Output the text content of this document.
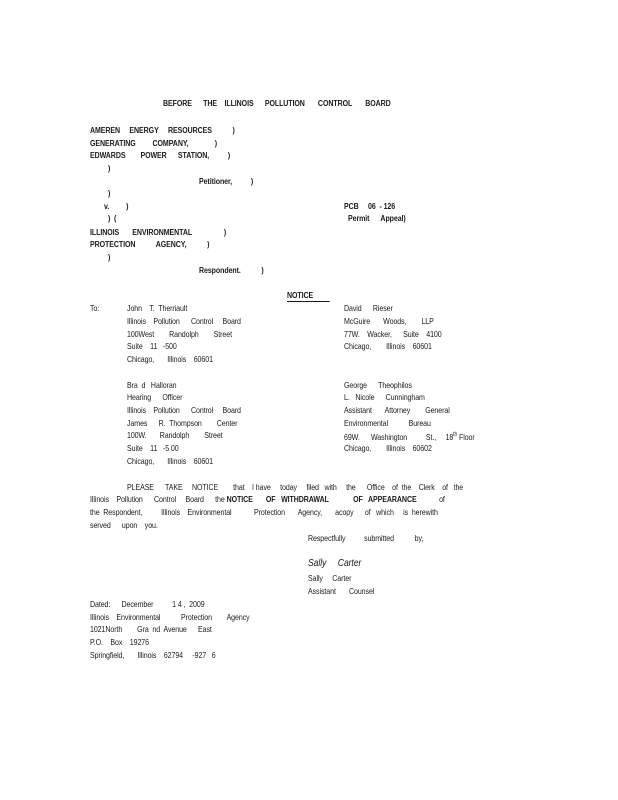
BEFORE      THE    ILLINOIS      POLLUTION       CONTROL       BOARD
AMEREN     ENERGY     RESOURCES           )
GENERATING         COMPANY,              )
EDWARDS        POWER      STATION,          )
)
Petitioner,          )
)
v.         )
)  (
PCB     06  - 126
Permit      Appeal)
ILLINOIS       ENVIRONMENTAL                 )
PROTECTION           AGENCY,           )
)
Respondent.           )
NOTICE
To:	John    T.  Therriault
Illinois    Pollution      Control     Board
100West        Randolph        Street
Suite    11   -500
Chicago,       Illinois    60601
David      Rieser
McGuire       Woods,        LLP
77W.    Wacker,      Suite    4100
Chicago,        Illinois    60601
Bra  d   Halloran
Hearing      Officer
Illinois    Pollution      Control     Board
James      R.  Thompson        Center
100W.       Randolph        Street
Suite    11   -5 00
Chicago,       Illinois    60601
George      Theophilos
L.   Nicole      Cunningham
Assistant       Attorney        General
Environmental           Bureau
69W.      Washington          St.,     18th Floor
Chicago,        Illinois    60602
PLEASE      TAKE     NOTICE        that    I have     today     filed   with     the      Office    of  the    Clerk    of   the
Illinois    Pollution      Control     Board      the NOTICE       OF   WITHDRAWAL             OF   APPEARANCE            of
the  Respondent,          Illinois    Environmental            Protection       Agency,       acopy      of   which     is  herewith
served      upon    you.
Respectfully          submitted           by,
Sally     Carter
Sally     Carter
Assistant       Counsel
Dated:      December          1 4 ,  2009
Illinois    Environmental           Protection        Agency
1021North        Gra  nd  Avenue      East
P.O.    Box    19276
Springfield,       Illinois    62794     -927   6
